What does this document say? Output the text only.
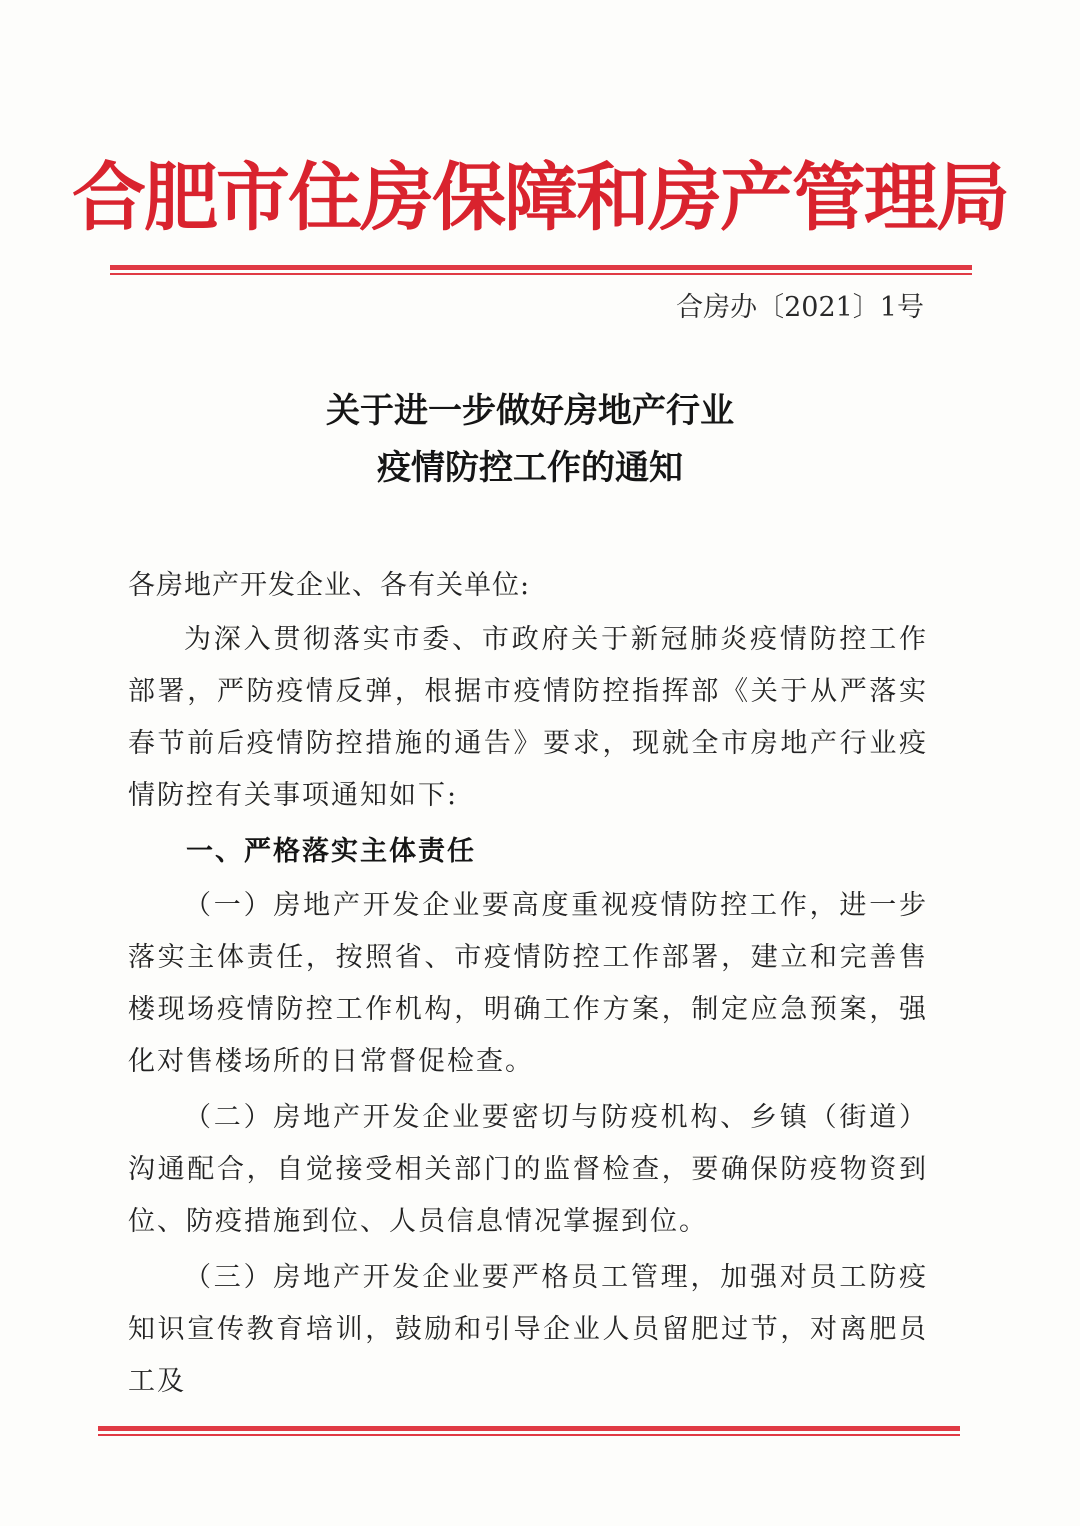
合肥市住房保障和房产管理局

合房办〔2021〕1号

关于进一步做好房地产行业
疫情防控工作的通知

各房地产开发企业、各有关单位:

为深入贯彻落实市委、市政府关于新冠肺炎疫情防控工作部署，严防疫情反弹，根据市疫情防控指挥部《关于从严落实春节前后疫情防控措施的通告》要求，现就全市房地产行业疫情防控有关事项通知如下:

一、严格落实主体责任

（一）房地产开发企业要高度重视疫情防控工作，进一步落实主体责任，按照省、市疫情防控工作部署，建立和完善售楼现场疫情防控工作机构，明确工作方案，制定应急预案，强化对售楼场所的日常督促检查。

（二）房地产开发企业要密切与防疫机构、乡镇（街道）沟通配合，自觉接受相关部门的监督检查，要确保防疫物资到位、防疫措施到位、人员信息情况掌握到位。

（三）房地产开发企业要严格员工管理，加强对员工防疫知识宣传教育培训，鼓励和引导企业人员留肥过节，对离肥员工及
